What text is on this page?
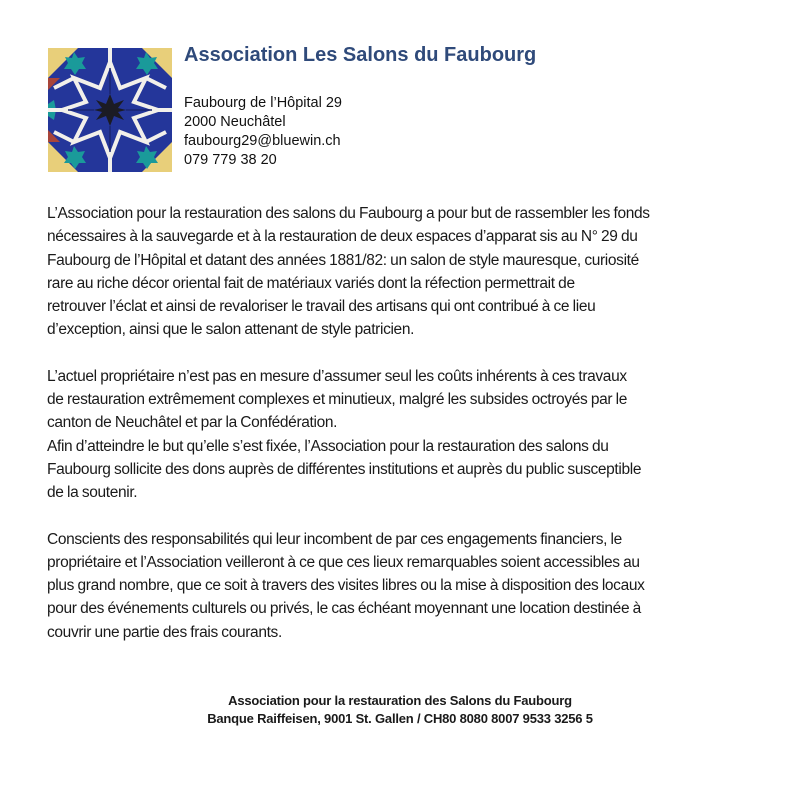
Association Les Salons du Faubourg
Faubourg de l’Hôpital 29
2000 Neuchâtel
faubourg29@bluewin.ch
079 779 38 20
L’Association pour la restauration des salons du Faubourg a pour but de rassembler les fonds
nécessaires à la sauvegarde et à la restauration de deux espaces d’apparat sis au N° 29 du
Faubourg de l’Hôpital et datant des années 1881/82: un salon de style mauresque, curiosité
rare au riche décor oriental fait de matériaux variés dont la réfection permettrait de
retrouver l’éclat et ainsi de revaloriser le travail des artisans qui ont contribué à ce lieu
d’exception, ainsi que le salon attenant de style patricien.
L’actuel propriétaire n’est pas en mesure d’assumer seul les coûts inhérents à ces travaux
de restauration extrêmement complexes et minutieux, malgré les subsides octroyés par le
canton de Neuchâtel et par la Confédération.
Afin d’atteindre le but qu’elle s’est fixée, l’Association pour la restauration des salons du
Faubourg sollicite des dons auprès de différentes institutions et auprès du public susceptible
de la soutenir.
Conscients des responsabilités qui leur incombent de par ces engagements financiers, le
propriétaire et l’Association veilleront à ce que ces lieux remarquables soient accessibles au
plus grand nombre, que ce soit à travers des visites libres ou la mise à disposition des locaux
pour des événements culturels ou privés, le cas échéant moyennant une location destinée à
couvrir une partie des frais courants.
Association pour la restauration des Salons du Faubourg
Banque Raiffeisen, 9001 St. Gallen / CH80 8080 8007 9533 3256 5
